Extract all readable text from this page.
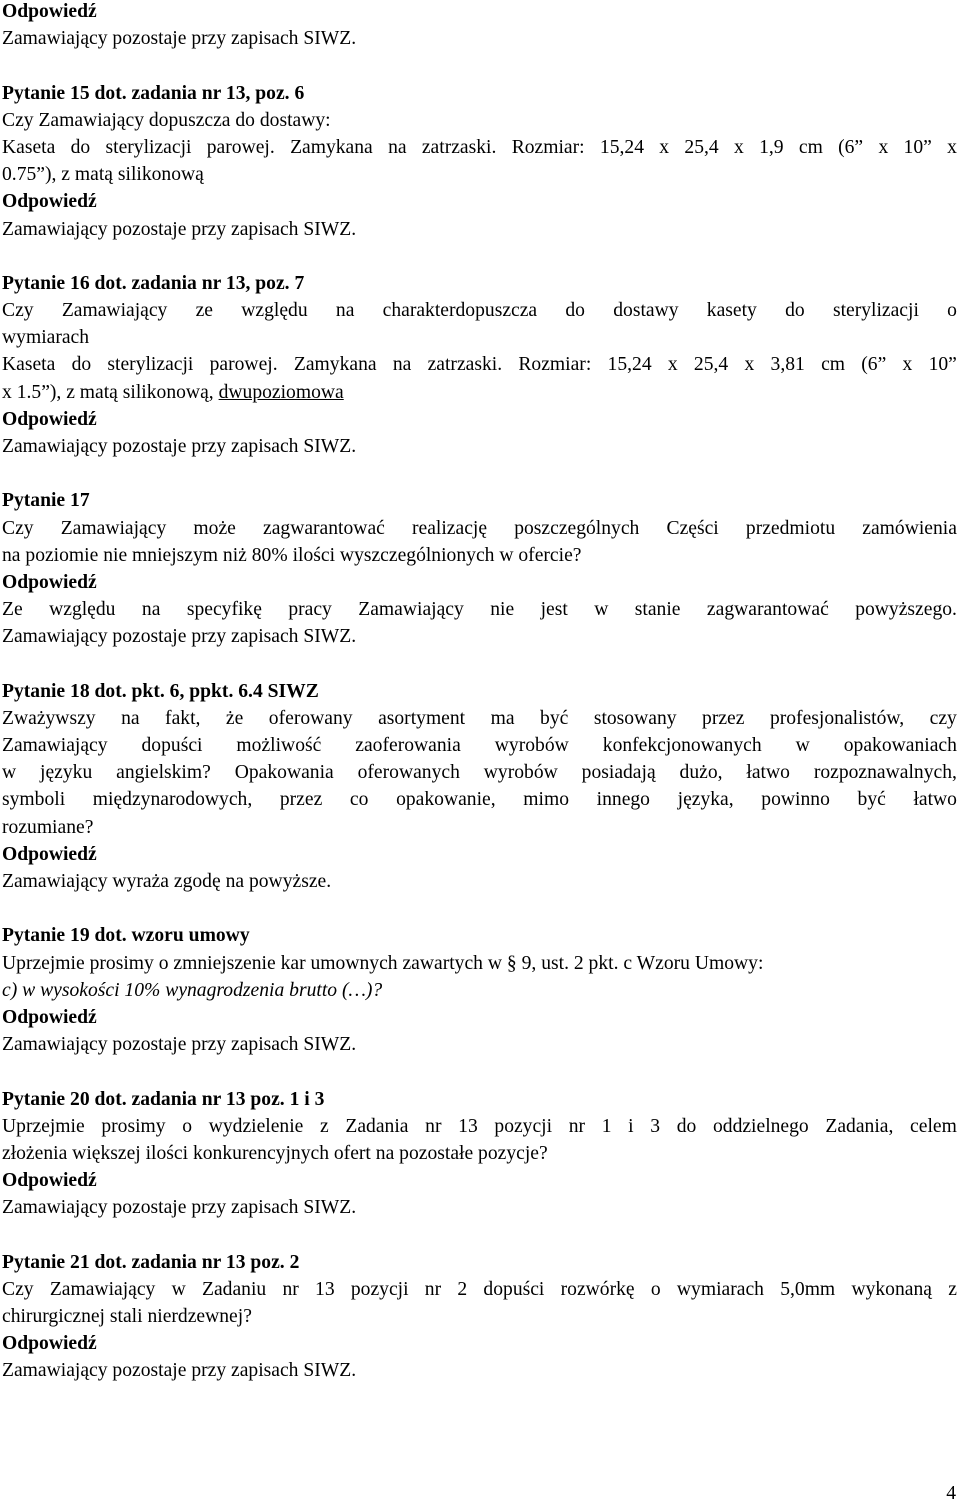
Odpowiedź
Zamawiający pozostaje przy zapisach SIWZ.
Pytanie 15 dot. zadania nr 13, poz. 6
Czy Zamawiający dopuszcza do dostawy:
Kaseta do sterylizacji parowej. Zamykana na zatrzaski. Rozmiar: 15,24 x 25,4 x 1,9 cm (6” x 10” x
0.75”), z matą silikonową
Odpowiedź
Zamawiający pozostaje przy zapisach SIWZ.
Pytanie 16 dot. zadania nr 13, poz. 7
Czy Zamawiający ze względu na charakterdopuszcza do dostawy kasety do sterylizacji o
wymiarach
Kaseta do sterylizacji parowej. Zamykana na zatrzaski. Rozmiar: 15,24 x 25,4 x 3,81 cm (6” x 10”
x 1.5”), z matą silikonową, dwupoziomowa
Odpowiedź
Zamawiający pozostaje przy zapisach SIWZ.
Pytanie 17
Czy Zamawiający może zagwarantować realizację poszczególnych Części przedmiotu zamówienia
na poziomie nie mniejszym niż 80% ilości wyszczególnionych w ofercie?
Odpowiedź
Ze względu na specyfikę pracy Zamawiający nie jest w stanie zagwarantować powyższego.
Zamawiający pozostaje przy zapisach SIWZ.
Pytanie 18 dot. pkt. 6, ppkt. 6.4 SIWZ
Zważywszy na fakt, że oferowany asortyment ma być stosowany przez profesjonalistów, czy
Zamawiający dopuści możliwość zaoferowania wyrobów konfekcjonowanych w opakowaniach
w języku angielskim? Opakowania oferowanych wyrobów posiadają dużo, łatwo rozpoznawalnych,
symboli międzynarodowych, przez co opakowanie, mimo innego języka, powinno być łatwo
rozumiane?
Odpowiedź
Zamawiający wyraża zgodę na powyższe.
Pytanie 19 dot. wzoru umowy
Uprzejmie prosimy o zmniejszenie kar umownych zawartych w § 9, ust. 2 pkt. c Wzoru Umowy:
c) w wysokości 10% wynagrodzenia brutto (…)?
Odpowiedź
Zamawiający pozostaje przy zapisach SIWZ.
Pytanie 20 dot. zadania nr 13 poz. 1 i 3
Uprzejmie prosimy o wydzielenie z Zadania nr 13 pozycji nr 1 i 3 do oddzielnego Zadania, celem
złożenia większej ilości konkurencyjnych ofert na pozostałe pozycje?
Odpowiedź
Zamawiający pozostaje przy zapisach SIWZ.
Pytanie 21 dot. zadania nr 13 poz. 2
Czy Zamawiający w Zadaniu nr 13 pozycji nr 2 dopuści rozwórkę o wymiarach 5,0mm wykonaną z
chirurgicznej stali nierdzewnej?
Odpowiedź
Zamawiający pozostaje przy zapisach SIWZ.
4
